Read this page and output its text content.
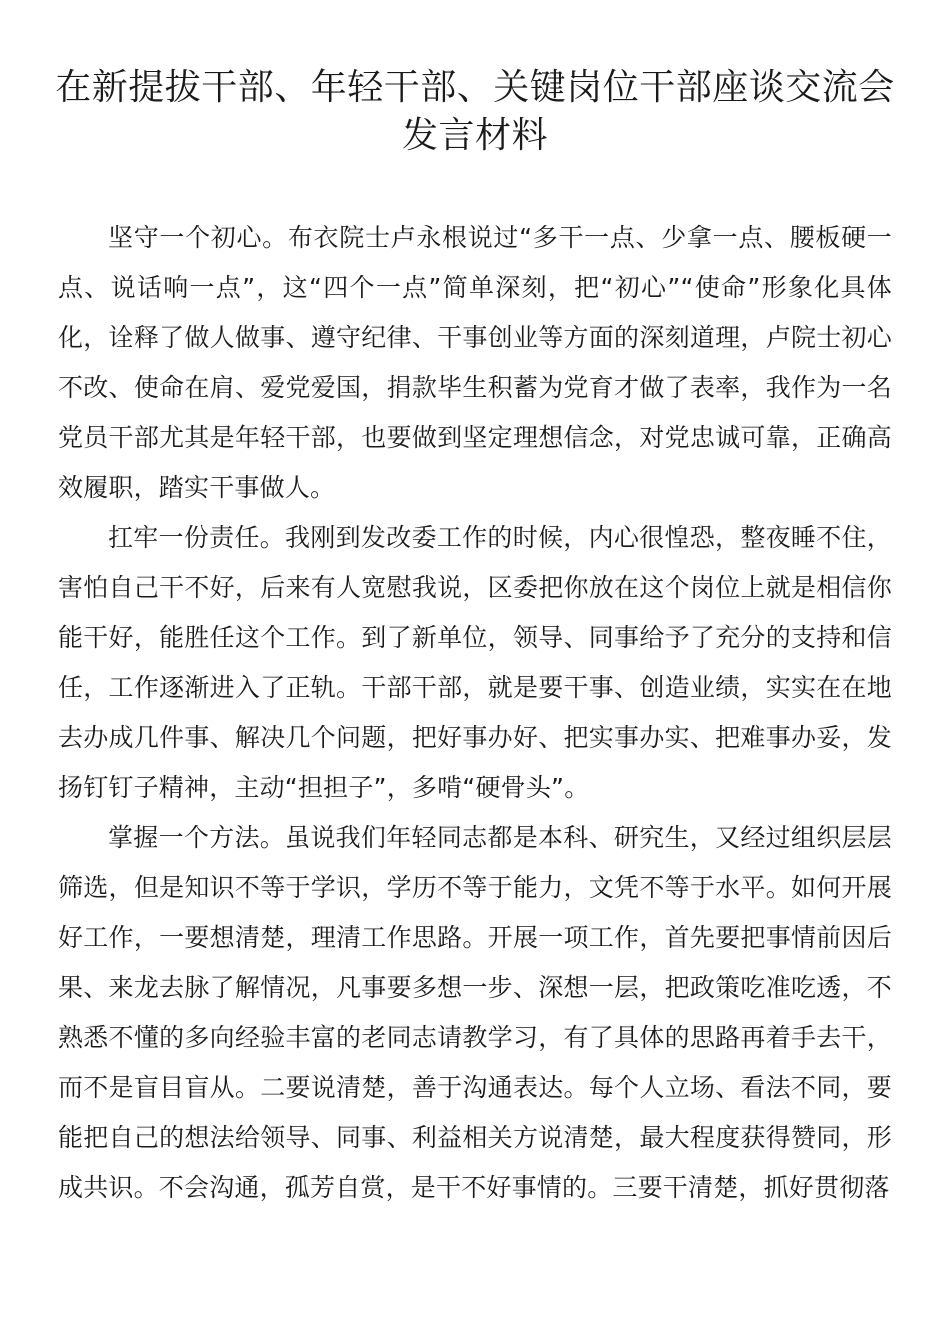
在新提拔干部、年轻干部、关键岗位干部座谈交流会发言材料

坚守一个初心。布衣院士卢永根说过“多干一点、少拿一点、腰板硬一点、说话响一点”，这“四个一点”简单深刻，把“初心”“使命”形象化具体化，诠释了做人做事、遵守纪律、干事创业等方面的深刻道理，卢院士初心不改、使命在肩、爱党爱国，捐款毕生积蓄为党育才做了表率，我作为一名党员干部尤其是年轻干部，也要做到坚定理想信念，对党忠诚可靠，正确高效履职，踏实干事做人。

扛牢一份责任。我刚到发改委工作的时候，内心很惶恐，整夜睡不住，害怕自己干不好，后来有人宽慰我说，区委把你放在这个岗位上就是相信你能干好，能胜任这个工作。到了新单位，领导、同事给予了充分的支持和信任，工作逐渐进入了正轨。干部干部，就是要干事、创造业绩，实实在在地去办成几件事、解决几个问题，把好事办好、把实事办实、把难事办妥，发扬钉钉子精神，主动“担担子”，多啃“硬骨头”。

掌握一个方法。虽说我们年轻同志都是本科、研究生，又经过组织层层筛选，但是知识不等于学识，学历不等于能力，文凭不等于水平。如何开展好工作，一要想清楚，理清工作思路。开展一项工作，首先要把事情前因后果、来龙去脉了解情况，凡事要多想一步、深想一层，把政策吃准吃透，不熟悉不懂的多向经验丰富的老同志请教学习，有了具体的思路再着手去干，而不是盲目盲从。二要说清楚，善于沟通表达。每个人立场、看法不同，要能把自己的想法给领导、同事、利益相关方说清楚，最大程度获得赞同，形成共识。不会沟通，孤芳自赏，是干不好事情的。三要干清楚，抓好贯彻落
